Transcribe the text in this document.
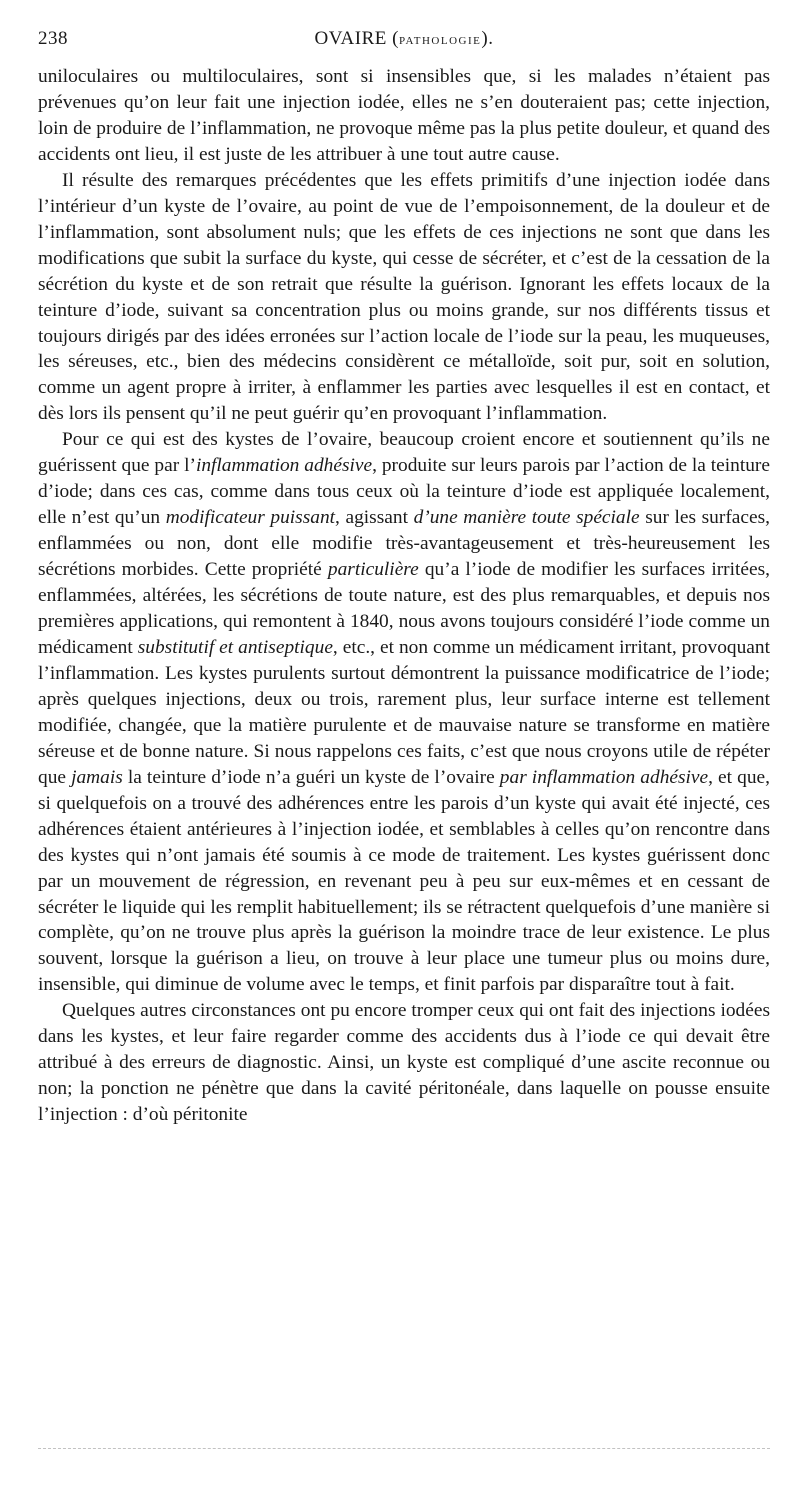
238	OVAIRE (pathologie).

uniloculaires ou multiloculaires, sont si insensibles que, si les malades n’étaient pas prévenues qu’on leur fait une injection iodée, elles ne s’en douteraient pas; cette injection, loin de produire de l’inflammation, ne provoque même pas la plus petite douleur, et quand des accidents ont lieu, il est juste de les attribuer à une tout autre cause.

Il résulte des remarques précédentes que les effets primitifs d’une injection iodée dans l’intérieur d’un kyste de l’ovaire, au point de vue de l’empoisonnement, de la douleur et de l’inflammation, sont absolument nuls; que les effets de ces injections ne sont que dans les modifications que subit la surface du kyste, qui cesse de sécréter, et c’est de la cessation de la sécrétion du kyste et de son retrait que résulte la guérison. Ignorant les effets locaux de la teinture d’iode, suivant sa concentration plus ou moins grande, sur nos différents tissus et toujours dirigés par des idées erronées sur l’action locale de l’iode sur la peau, les muqueuses, les séreuses, etc., bien des médecins considèrent ce métalloïde, soit pur, soit en solution, comme un agent propre à irriter, à enflammer les parties avec lesquelles il est en contact, et dès lors ils pensent qu’il ne peut guérir qu’en provoquant l’inflammation.

Pour ce qui est des kystes de l’ovaire, beaucoup croient encore et soutiennent qu’ils ne guérissent que par l’inflammation adhésive, produite sur leurs parois par l’action de la teinture d’iode; dans ces cas, comme dans tous ceux où la teinture d’iode est appliquée localement, elle n’est qu’un modificateur puissant, agissant d’une manière toute spéciale sur les surfaces, enflammées ou non, dont elle modifie très-avantageusement et très-heureusement les sécrétions morbides. Cette propriété particulière qu’a l’iode de modifier les surfaces irritées, enflammées, altérées, les sécrétions de toute nature, est des plus remarquables, et depuis nos premières applications, qui remontent à 1840, nous avons toujours considéré l’iode comme un médicament substitutif et antiseptique, etc., et non comme un médicament irritant, provoquant l’inflammation. Les kystes purulents surtout démontrent la puissance modificatrice de l’iode; après quelques injections, deux ou trois, rarement plus, leur surface interne est tellement modifiée, changée, que la matière purulente et de mauvaise nature se transforme en matière séreuse et de bonne nature. Si nous rappelons ces faits, c’est que nous croyons utile de répéter que jamais la teinture d’iode n’a guéri un kyste de l’ovaire par inflammation adhésive, et que, si quelquefois on a trouvé des adhérences entre les parois d’un kyste qui avait été injecté, ces adhérences étaient antérieures à l’injection iodée, et semblables à celles qu’on rencontre dans des kystes qui n’ont jamais été soumis à ce mode de traitement. Les kystes guérissent donc par un mouvement de régression, en revenant peu à peu sur eux-mêmes et en cessant de sécréter le liquide qui les remplit habituellement; ils se rétractent quelquefois d’une manière si complète, qu’on ne trouve plus après la guérison la moindre trace de leur existence. Le plus souvent, lorsque la guérison a lieu, on trouve à leur place une tumeur plus ou moins dure, insensible, qui diminue de volume avec le temps, et finit parfois par disparaître tout à fait.

Quelques autres circonstances ont pu encore tromper ceux qui ont fait des injections iodées dans les kystes, et leur faire regarder comme des accidents dus à l’iode ce qui devait être attribué à des erreurs de diagnostic. Ainsi, un kyste est compliqué d’une ascite reconnue ou non; la ponction ne pénètre que dans la cavité péritonéale, dans laquelle on pousse ensuite l’injection : d’où péritonite
